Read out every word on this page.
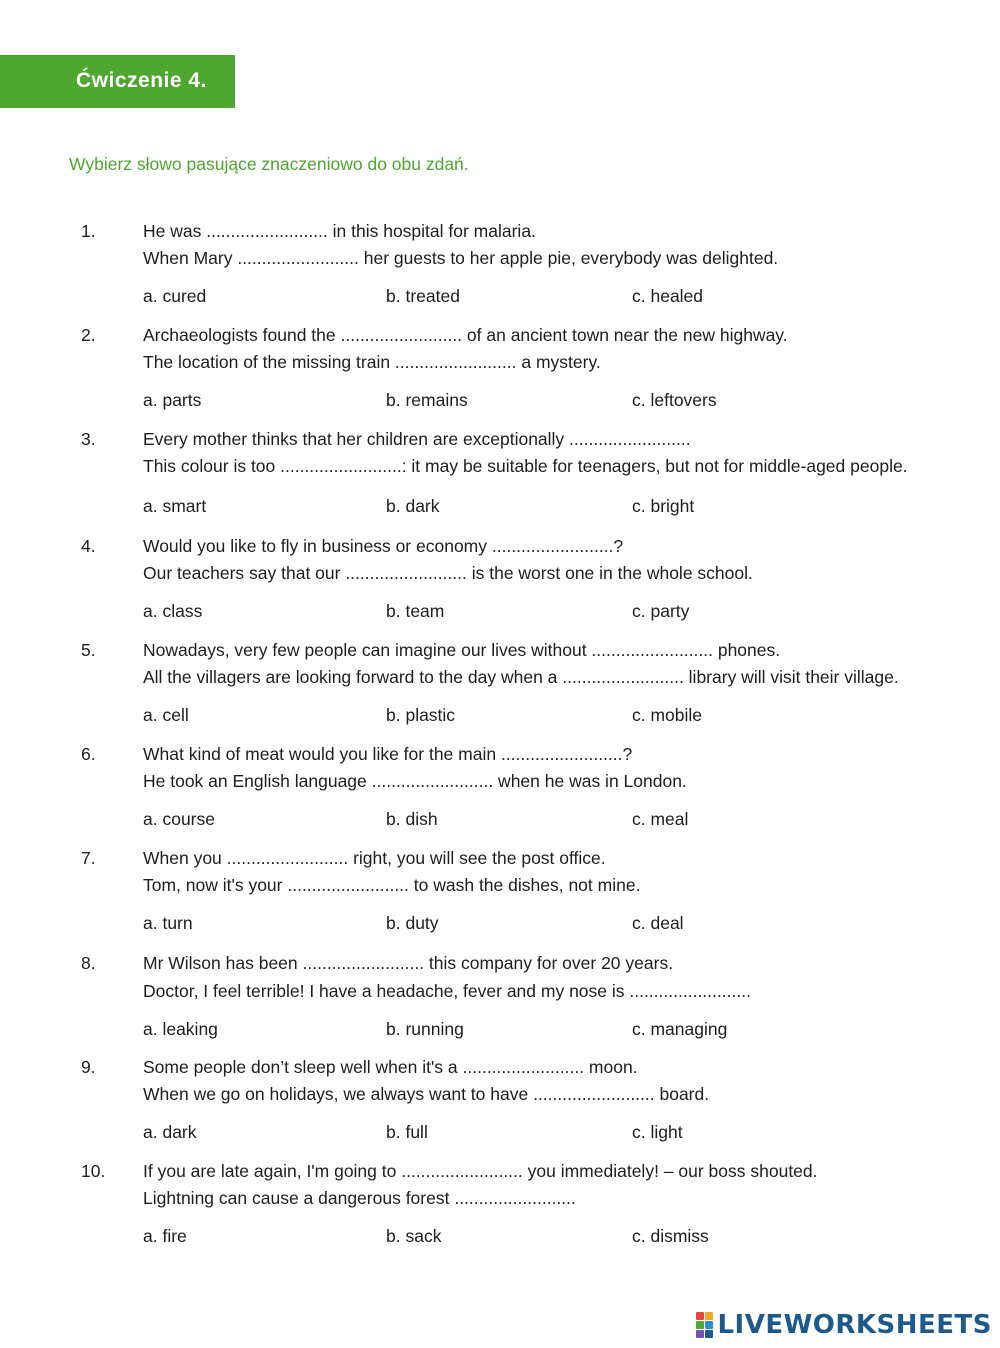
Ćwiczenie 4.
Wybierz słowo pasujące znaczeniowo do obu zdań.
1.	He was ......................... in this hospital for malaria.
When Mary ......................... her guests to her apple pie, everybody was delighted.
a. cured	b. treated	c. healed
2.	Archaeologists found the ......................... of an ancient town near the new highway.
The location of the missing train ......................... a mystery.
a. parts	b. remains	c. leftovers
3.	Every mother thinks that her children are exceptionally .........................
This colour is too .........................: it may be suitable for teenagers, but not for middle-aged people.
a. smart	b. dark	c. bright
4.	Would you like to fly in business or economy .........................?
Our teachers say that our ......................... is the worst one in the whole school.
a. class	b. team	c. party
5.	Nowadays, very few people can imagine our lives without ......................... phones.
All the villagers are looking forward to the day when a ......................... library will visit their village.
a. cell	b. plastic	c. mobile
6.	What kind of meat would you like for the main .........................?
He took an English language ......................... when he was in London.
a. course	b. dish	c. meal
7.	When you ......................... right, you will see the post office.
Tom, now it's your ......................... to wash the dishes, not mine.
a. turn	b. duty	c. deal
8.	Mr Wilson has been ......................... this company for over 20 years.
Doctor, I feel terrible! I have a headache, fever and my nose is .........................
a. leaking	b. running	c. managing
9.	Some people don’t sleep well when it's a ......................... moon.
When we go on holidays, we always want to have ......................... board.
a. dark	b. full	c. light
10. If you are late again, I'm going to ......................... you immediately! – our boss shouted.
Lightning can cause a dangerous forest .........................
a. fire	b. sack	c. dismiss
LIVEWORKSHEETS
